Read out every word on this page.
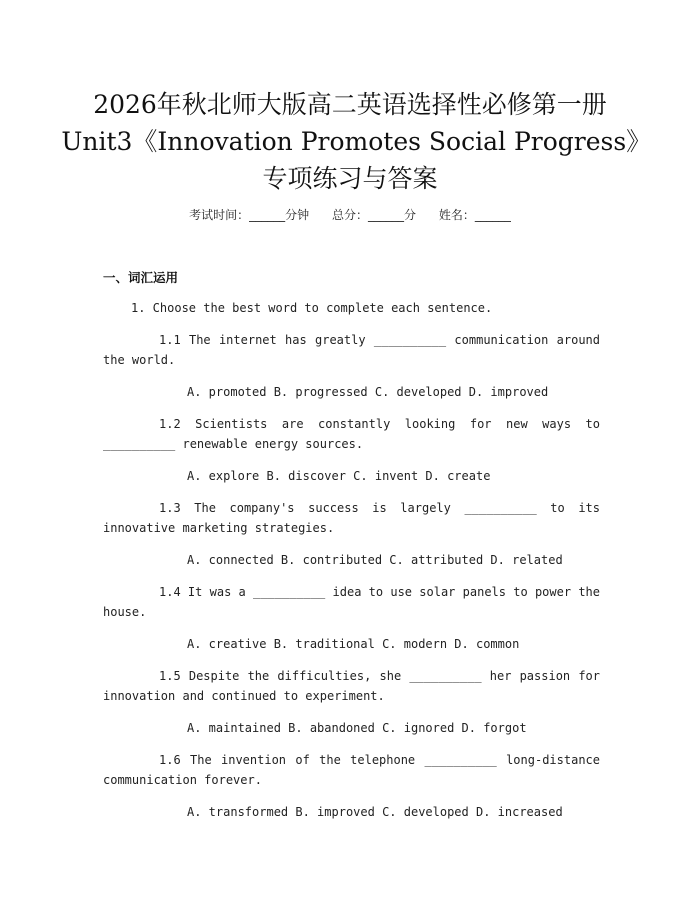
2026年秋北师大版高二英语选择性必修第一册Unit3《Innovation Promotes Social Progress》专项练习与答案
考试时间：______分钟      总分：______分      姓名：______
一、词汇运用
1. Choose the best word to complete each sentence.

1.1 The internet has greatly __________ communication around the world.

A. promoted B. progressed C. developed D. improved

1.2 Scientists are constantly looking for new ways to __________ renewable energy sources.

A. explore B. discover C. invent D. create

1.3 The company's success is largely __________ to its innovative marketing strategies.

A. connected B. contributed C. attributed D. related

1.4 It was a __________ idea to use solar panels to power the house.

A. creative B. traditional C. modern D. common

1.5 Despite the difficulties, she __________ her passion for innovation and continued to experiment.

A. maintained B. abandoned C. ignored D. forgot

1.6 The invention of the telephone __________ long-distance communication forever.

A. transformed B. improved C. developed D. increased
